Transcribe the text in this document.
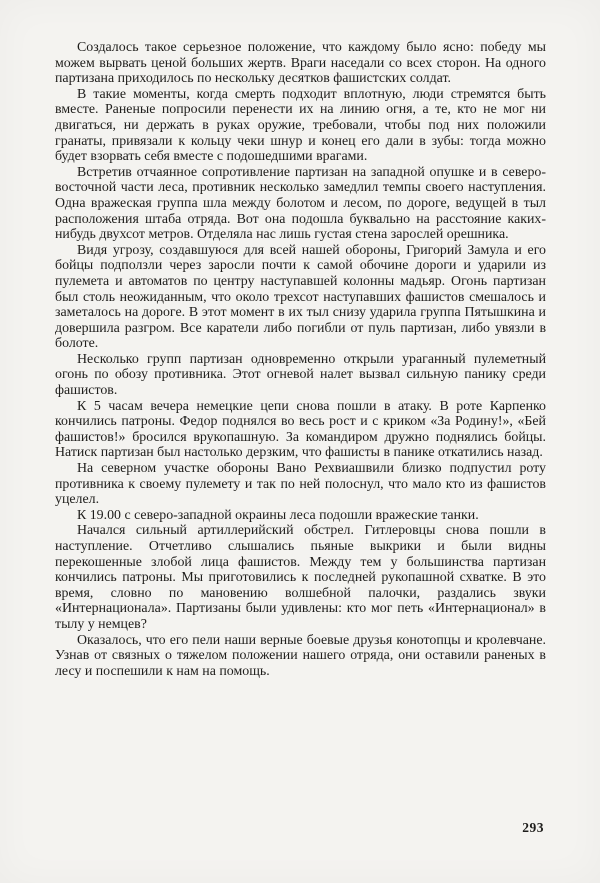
Создалось такое серьезное положение, что каждому было ясно: победу мы можем вырвать ценой больших жертв. Враги наседали со всех сторон. На одного партизана приходилось по нескольку десятков фашистских солдат.

В такие моменты, когда смерть подходит вплотную, люди стремятся быть вместе. Раненые попросили перенести их на линию огня, а те, кто не мог ни двигаться, ни держать в руках оружие, требовали, чтобы под них положили гранаты, привязали к кольцу чеки шнур и конец его дали в зубы: тогда можно будет взорвать себя вместе с подошедшими врагами.

Встретив отчаянное сопротивление партизан на западной опушке и в северо-восточной части леса, противник несколько замедлил темпы своего наступления. Одна вражеская группа шла между болотом и лесом, по дороге, ведущей в тыл расположения штаба отряда. Вот она подошла буквально на расстояние каких-нибудь двухсот метров. Отделяла нас лишь густая стена зарослей орешника.

Видя угрозу, создавшуюся для всей нашей обороны, Григорий Замула и его бойцы подползли через заросли почти к самой обочине дороги и ударили из пулемета и автоматов по центру наступавшей колонны мадьяр. Огонь партизан был столь неожиданным, что около трехсот наступавших фашистов смешалось и заметалось на дороге. В этот момент в их тыл снизу ударила группа Пятышкина и довершила разгром. Все каратели либо погибли от пуль партизан, либо увязли в болоте.

Несколько групп партизан одновременно открыли ураганный пулеметный огонь по обозу противника. Этот огневой налет вызвал сильную панику среди фашистов.

К 5 часам вечера немецкие цепи снова пошли в атаку. В роте Карпенко кончились патроны. Федор поднялся во весь рост и с криком «За Родину!», «Бей фашистов!» бросился врукопашную. За командиром дружно поднялись бойцы. Натиск партизан был настолько дерзким, что фашисты в панике откатились назад.

На северном участке обороны Вано Рехвиашвили близко подпустил роту противника к своему пулемету и так по ней полоснул, что мало кто из фашистов уцелел.

К 19.00 с северо-западной окраины леса подошли вражеские танки.

Начался сильный артиллерийский обстрел. Гитлеровцы снова пошли в наступление. Отчетливо слышались пьяные выкрики и были видны перекошенные злобой лица фашистов. Между тем у большинства партизан кончились патроны. Мы приготовились к последней рукопашной схватке. В это время, словно по мановению волшебной палочки, раздались звуки «Интернационала». Партизаны были удивлены: кто мог петь «Интернационал» в тылу у немцев?

Оказалось, что его пели наши верные боевые друзья конотопцы и кролевчане. Узнав от связных о тяжелом положении нашего отряда, они оставили раненых в лесу и поспешили к нам на помощь.

293
